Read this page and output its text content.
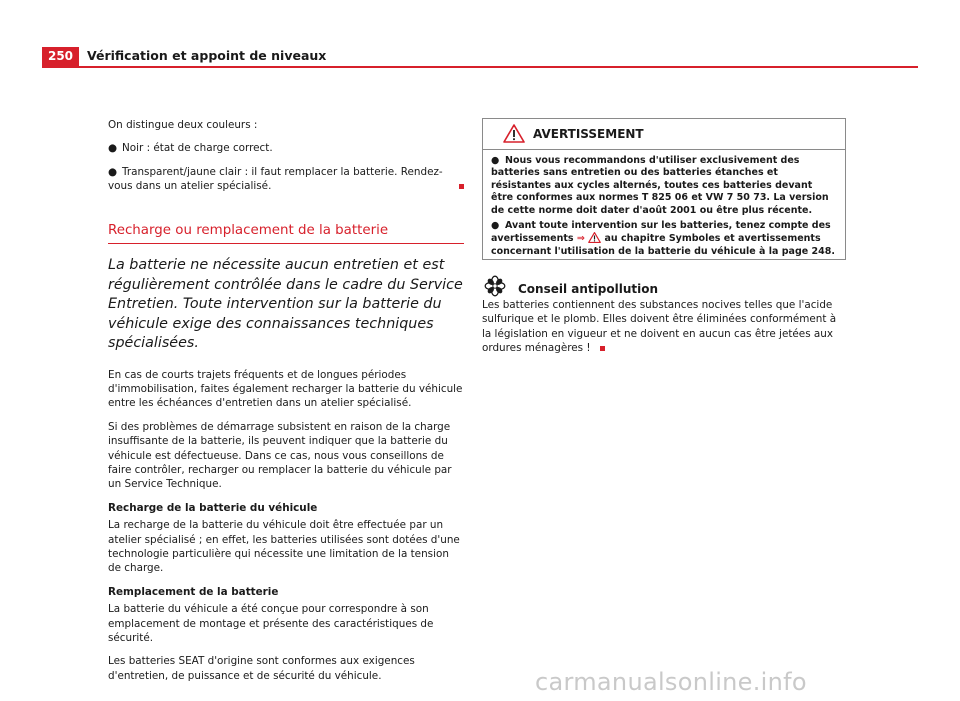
250	Vérification et appoint de niveaux

On distingue deux couleurs :

● Noir : état de charge correct.

● Transparent/jaune clair : il faut remplacer la batterie. Rendez-vous dans un atelier spécialisé.

Recharge ou remplacement de la batterie

La batterie ne nécessite aucun entretien et est régulièrement contrôlée dans le cadre du Service Entretien. Toute intervention sur la batterie du véhicule exige des connaissances techniques spécialisées.

En cas de courts trajets fréquents et de longues périodes d'immobilisation, faites également recharger la batterie du véhicule entre les échéances d'entretien dans un atelier spécialisé.

Si des problèmes de démarrage subsistent en raison de la charge insuffisante de la batterie, ils peuvent indiquer que la batterie du véhicule est défectueuse. Dans ce cas, nous vous conseillons de faire contrôler, recharger ou remplacer la batterie du véhicule par un Service Technique.

Recharge de la batterie du véhicule

La recharge de la batterie du véhicule doit être effectuée par un atelier spécialisé ; en effet, les batteries utilisées sont dotées d'une technologie particulière qui nécessite une limitation de la tension de charge.

Remplacement de la batterie

La batterie du véhicule a été conçue pour correspondre à son emplacement de montage et présente des caractéristiques de sécurité.

Les batteries SEAT d'origine sont conformes aux exigences d'entretien, de puissance et de sécurité du véhicule.

AVERTISSEMENT

● Nous vous recommandons d'utiliser exclusivement des batteries sans entretien ou des batteries étanches et résistantes aux cycles alternés, toutes ces batteries devant être conformes aux normes T 825 06 et VW 7 50 73. La version de cette norme doit dater d'août 2001 ou être plus récente.

● Avant toute intervention sur les batteries, tenez compte des avertissements ⇒ au chapitre Symboles et avertissements concernant l'utilisation de la batterie du véhicule à la page 248.

Conseil antipollution

Les batteries contiennent des substances nocives telles que l'acide sulfurique et le plomb. Elles doivent être éliminées conformément à la législation en vigueur et ne doivent en aucun cas être jetées aux ordures ménagères !

carmanualsonline.info
